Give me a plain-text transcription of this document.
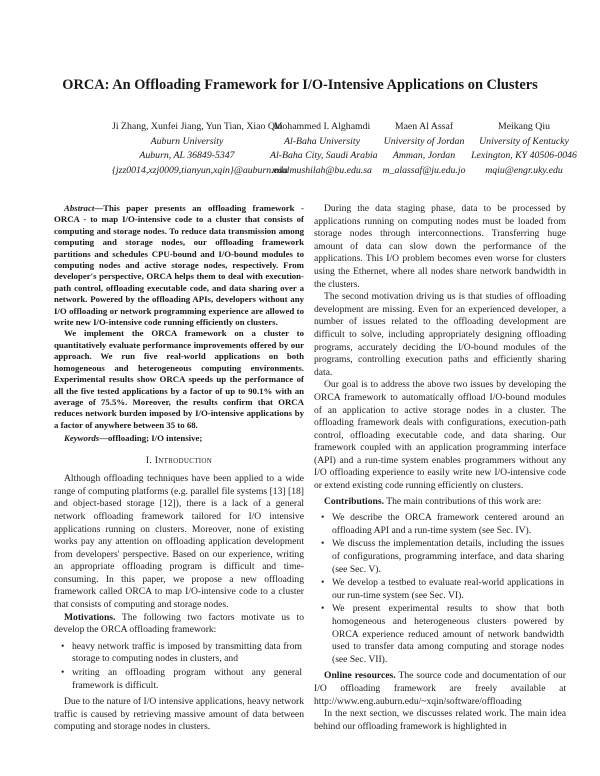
ORCA: An Offloading Framework for I/O-Intensive Applications on Clusters
Ji Zhang, Xunfei Jiang, Yun Tian, Xiao Qin
Auburn University
Auburn, AL 36849-5347
{jzz0014,xzj0009,tianyun,xqin}@auburn.edu
Mohammed I. Alghamdi
Al-Baha University
Al-Baha City, Saudi Arabia
mialmushilah@bu.edu.sa
Maen Al Assaf
University of Jordan
Amman, Jordan
m_alassaf@ju.edu.jo
Meikang Qiu
University of Kentucky
Lexington, KY 40506-0046
mqiu@engr.uky.edu

Abstract—This paper presents an offloading framework - ORCA - to map I/O-intensive code to a cluster that consists of computing and storage nodes. To reduce data transmission among computing and storage nodes, our offloading framework partitions and schedules CPU-bound and I/O-bound modules to computing nodes and active storage nodes, respectively. From developer's perspective, ORCA helps them to deal with execution-path control, offloading executable code, and data sharing over a network. Powered by the offloading APIs, developers without any I/O offloading or network programming experience are allowed to write new I/O-intensive code running efficiently on clusters.

We implement the ORCA framework on a cluster to quantitatively evaluate performance improvements offered by our approach. We run five real-world applications on both homogeneous and heterogeneous computing environments. Experimental results show ORCA speeds up the performance of all the five tested applications by a factor of up to 90.1% with an average of 75.5%. Moreover, the results confirm that ORCA reduces network burden imposed by I/O-intensive applications by a factor of anywhere between 35 to 68.

Keywords—offloading; I/O intensive;

I. Introduction

Although offloading techniques have been applied to a wide range of computing platforms (e.g. parallel file systems [13] [18] and object-based storage [12]), there is a lack of a general network offloading framework tailored for I/O intensive applications running on clusters. Moreover, none of existing works pay any attention on offloading application development from developers' perspective. Based on our experience, writing an appropriate offloading program is difficult and time-consuming. In this paper, we propose a new offloading framework called ORCA to map I/O-intensive code to a cluster that consists of computing and storage nodes.

Motivations. The following two factors motivate us to develop the ORCA offloading framework:

• heavy network traffic is imposed by transmitting data from storage to computing nodes in clusters, and
• writing an offloading program without any general framework is difficult.

Due to the nature of I/O intensive applications, heavy network traffic is caused by retrieving massive amount of data between computing and storage nodes in clusters.

During the data staging phase, data to be processed by applications running on computing nodes must be loaded from storage nodes through interconnections. Transferring huge amount of data can slow down the performance of the applications. This I/O problem becomes even worse for clusters using the Ethernet, where all nodes share network bandwidth in the clusters.

The second motivation driving us is that studies of offloading development are missing. Even for an experienced developer, a number of issues related to the offloading development are difficult to solve, including appropriately designing offloading programs, accurately deciding the I/O-bound modules of the programs, controlling execution paths and efficiently sharing data.

Our goal is to address the above two issues by developing the ORCA framework to automatically offload I/O-bound modules of an application to active storage nodes in a cluster. The offloading framework deals with configurations, execution-path control, offloading executable code, and data sharing. Our framework coupled with an application programming interface (API) and a run-time system enables programmers without any I/O offloading experience to easily write new I/O-intensive code or extend existing code running efficiently on clusters.

Contributions. The main contributions of this work are:

• We describe the ORCA framework centered around an offloading API and a run-time system (see Sec. IV).
• We discuss the implementation details, including the issues of configurations, programming interface, and data sharing (see Sec. V).
• We develop a testbed to evaluate real-world applications in our run-time system (see Sec. VI).
• We present experimental results to show that both homogeneous and heterogeneous clusters powered by ORCA experience reduced amount of network bandwidth used to transfer data among computing and storage nodes (see Sec. VII).

Online resources. The source code and documentation of our I/O offloading framework are freely available at http://www.eng.auburn.edu/~xqin/software/offloading

In the next section, we discusses related work. The main idea behind our offloading framework is highlighted in
